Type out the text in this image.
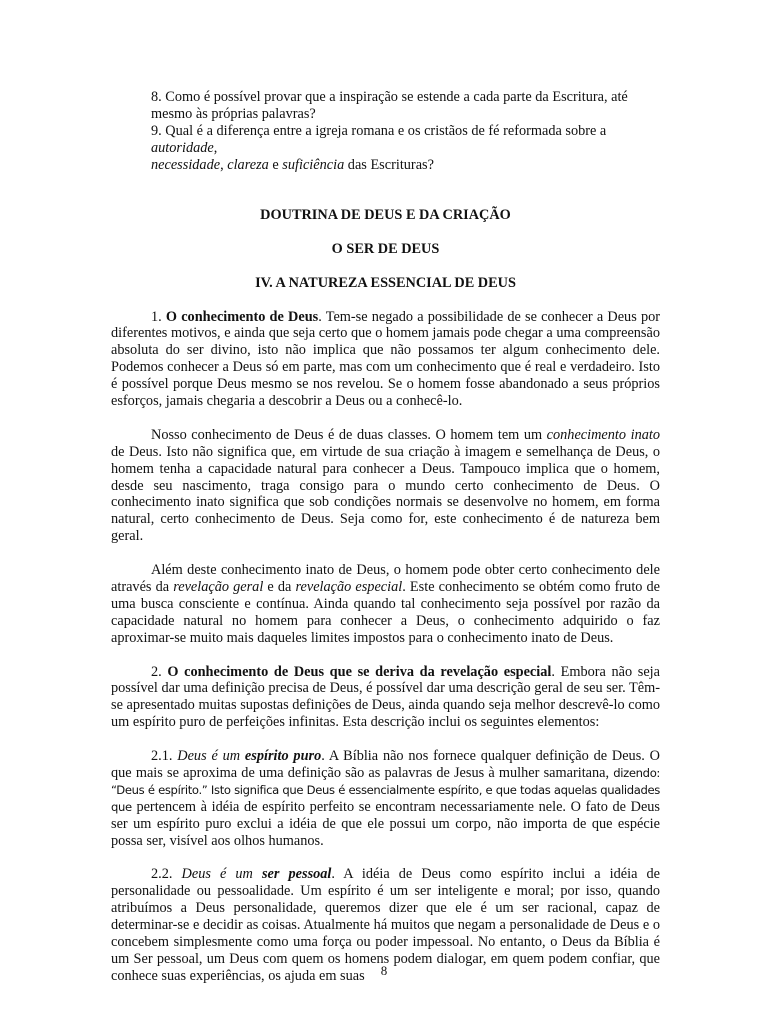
8. Como é possível provar que a inspiração se estende a cada parte da Escritura, até mesmo às próprias palavras?

9. Qual é a diferença entre a igreja romana e os cristãos de fé reformada sobre a autoridade,
necessidade, clareza e suficiência das Escrituras?

DOUTRINA DE DEUS E DA CRIAÇÃO
O SER DE DEUS
IV. A NATUREZA ESSENCIAL DE DEUS

1. O conhecimento de Deus. Tem-se negado a possibilidade de se conhecer a Deus por diferentes motivos, e ainda que seja certo que o homem jamais pode chegar a uma compreensão absoluta do ser divino, isto não implica que não possamos ter algum conhecimento dele. Podemos conhecer a Deus só em parte, mas com um conhecimento que é real e verdadeiro. Isto é possível porque Deus mesmo se nos revelou. Se o homem fosse abandonado a seus próprios esforços, jamais chegaria a descobrir a Deus ou a conhecê-lo.

Nosso conhecimento de Deus é de duas classes. O homem tem um conhecimento inato de Deus. Isto não significa que, em virtude de sua criação à imagem e semelhança de Deus, o homem tenha a capacidade natural para conhecer a Deus. Tampouco implica que o homem, desde seu nascimento, traga consigo para o mundo certo conhecimento de Deus. O conhecimento inato significa que sob condições normais se desenvolve no homem, em forma natural, certo conhecimento de Deus. Seja como for, este conhecimento é de natureza bem geral.

Além deste conhecimento inato de Deus, o homem pode obter certo conhecimento dele através da revelação geral e da revelação especial. Este conhecimento se obtém como fruto de uma busca consciente e contínua. Ainda quando tal conhecimento seja possível por razão da capacidade natural no homem para conhecer a Deus, o conhecimento adquirido o faz aproximar-se muito mais daqueles limites impostos para o conhecimento inato de Deus.

2. O conhecimento de Deus que se deriva da revelação especial. Embora não seja possível dar uma definição precisa de Deus, é possível dar uma descrição geral de seu ser. Têm-se apresentado muitas supostas definições de Deus, ainda quando seja melhor descrevê-lo como um espírito puro de perfeições infinitas. Esta descrição inclui os seguintes elementos:

2.1. Deus é um espírito puro. A Bíblia não nos fornece qualquer definição de Deus. O que mais se aproxima de uma definição são as palavras de Jesus à mulher samaritana, dizendo: “Deus é espírito.” Isto significa que Deus é essencialmente espírito, e que todas aquelas qualidades que pertencem à idéia de espírito perfeito se encontram necessariamente nele. O fato de Deus ser um espírito puro exclui a idéia de que ele possui um corpo, não importa de que espécie possa ser, visível aos olhos humanos.

2.2. Deus é um ser pessoal. A idéia de Deus como espírito inclui a idéia de personalidade ou pessoalidade. Um espírito é um ser inteligente e moral; por isso, quando atribuímos a Deus personalidade, queremos dizer que ele é um ser racional, capaz de determinar-se e decidir as coisas. Atualmente há muitos que negam a personalidade de Deus e o concebem simplesmente como uma força ou poder impessoal. No entanto, o Deus da Bíblia é um Ser pessoal, um Deus com quem os homens podem dialogar, em quem podem confiar, que conhece suas experiências, os ajuda em suas	8
